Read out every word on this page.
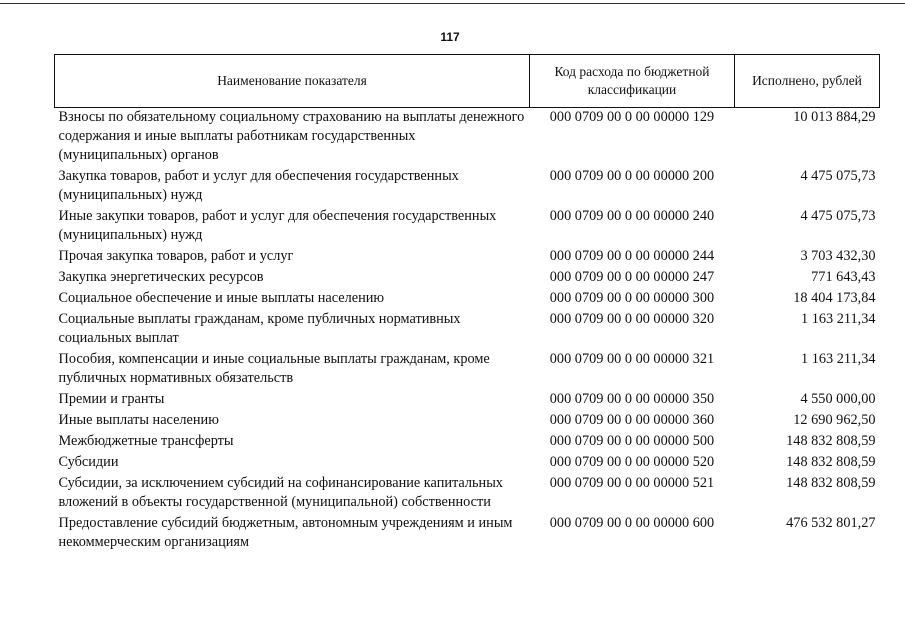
117
Наименование показателя	Код расхода по бюджетной классификации	Исполнено, рублей
Взносы по обязательному социальному страхованию на выплаты денежного содержания и иные выплаты работникам государственных (муниципальных) органов	000 0709 00 0 00 00000 129	10 013 884,29
Закупка товаров, работ и услуг для обеспечения государственных (муниципальных) нужд	000 0709 00 0 00 00000 200	4 475 075,73
Иные закупки товаров, работ и услуг для обеспечения государственных (муниципальных) нужд	000 0709 00 0 00 00000 240	4 475 075,73
Прочая закупка товаров, работ и услуг	000 0709 00 0 00 00000 244	3 703 432,30
Закупка энергетических ресурсов	000 0709 00 0 00 00000 247	771 643,43
Социальное обеспечение и иные выплаты населению	000 0709 00 0 00 00000 300	18 404 173,84
Социальные выплаты гражданам, кроме публичных нормативных социальных выплат	000 0709 00 0 00 00000 320	1 163 211,34
Пособия, компенсации и иные социальные выплаты гражданам, кроме публичных нормативных обязательств	000 0709 00 0 00 00000 321	1 163 211,34
Премии и гранты	000 0709 00 0 00 00000 350	4 550 000,00
Иные выплаты населению	000 0709 00 0 00 00000 360	12 690 962,50
Межбюджетные трансферты	000 0709 00 0 00 00000 500	148 832 808,59
Субсидии	000 0709 00 0 00 00000 520	148 832 808,59
Субсидии, за исключением субсидий на софинансирование капитальных вложений в объекты государственной (муниципальной) собственности	000 0709 00 0 00 00000 521	148 832 808,59
Предоставление субсидий бюджетным, автономным учреждениям и иным некоммерческим организациям	000 0709 00 0 00 00000 600	476 532 801,27
